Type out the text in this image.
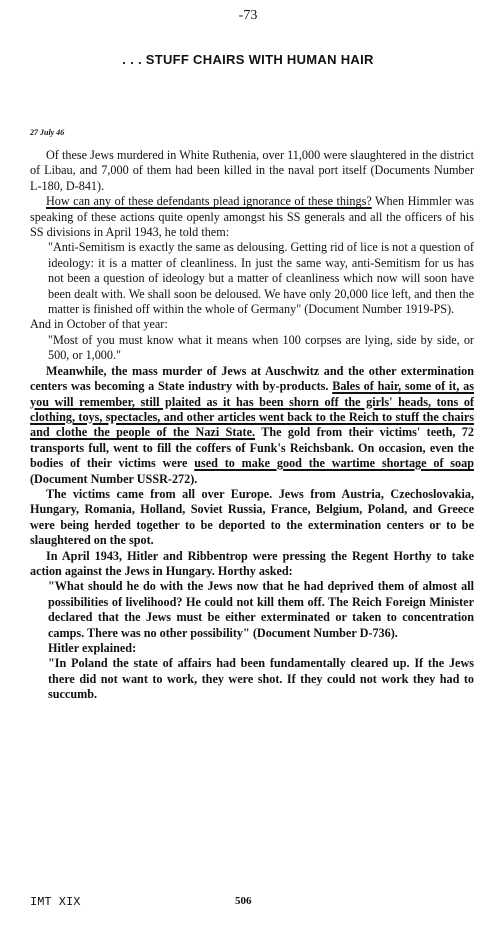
-73
. . . STUFF CHAIRS WITH HUMAN HAIR
27 July 46

Of these Jews murdered in White Ruthenia, over 11,000 were slaughtered in the district of Libau, and 7,000 of them had been killed in the naval port itself (Documents Number L-180, D-841).

How can any of these defendants plead ignorance of these things? When Himmler was speaking of these actions quite openly amongst his SS generals and all the officers of his SS divisions in April 1943, he told them:

"Anti-Semitism is exactly the same as delousing. Getting rid of lice is not a question of ideology: it is a matter of cleanliness. In just the same way, anti-Semitism for us has not been a question of ideology but a matter of cleanliness which now will soon have been dealt with. We shall soon be deloused. We have only 20,000 lice left, and then the matter is finished off within the whole of Germany" (Document Number 1919-PS).

And in October of that year:

"Most of you must know what it means when 100 corpses are lying, side by side, or 500, or 1,000."

Meanwhile, the mass murder of Jews at Auschwitz and the other extermination centers was becoming a State industry with by-products. Bales of hair, some of it, as you will remember, still plaited as it has been shorn off the girls' heads, tons of clothing, toys, spectacles, and other articles went back to the Reich to stuff the chairs and clothe the people of the Nazi State. The gold from their victims' teeth, 72 transports full, went to fill the coffers of Funk's Reichsbank. On occasion, even the bodies of their victims were used to make good the wartime shortage of soap (Document Number USSR-272).

The victims came from all over Europe. Jews from Austria, Czechoslovakia, Hungary, Romania, Holland, Soviet Russia, France, Belgium, Poland, and Greece were being herded together to be deported to the extermination centers or to be slaughtered on the spot.

In April 1943, Hitler and Ribbentrop were pressing the Regent Horthy to take action against the Jews in Hungary. Horthy asked:

"What should he do with the Jews now that he had deprived them of almost all possibilities of livelihood? He could not kill them off. The Reich Foreign Minister declared that the Jews must be either exterminated or taken to concentration camps. There was no other possibility" (Document Number D-736).

Hitler explained:

"In Poland the state of affairs had been fundamentally cleared up. If the Jews there did not want to work, they were shot. If they could not work they had to succumb.

IMT XIX	506
